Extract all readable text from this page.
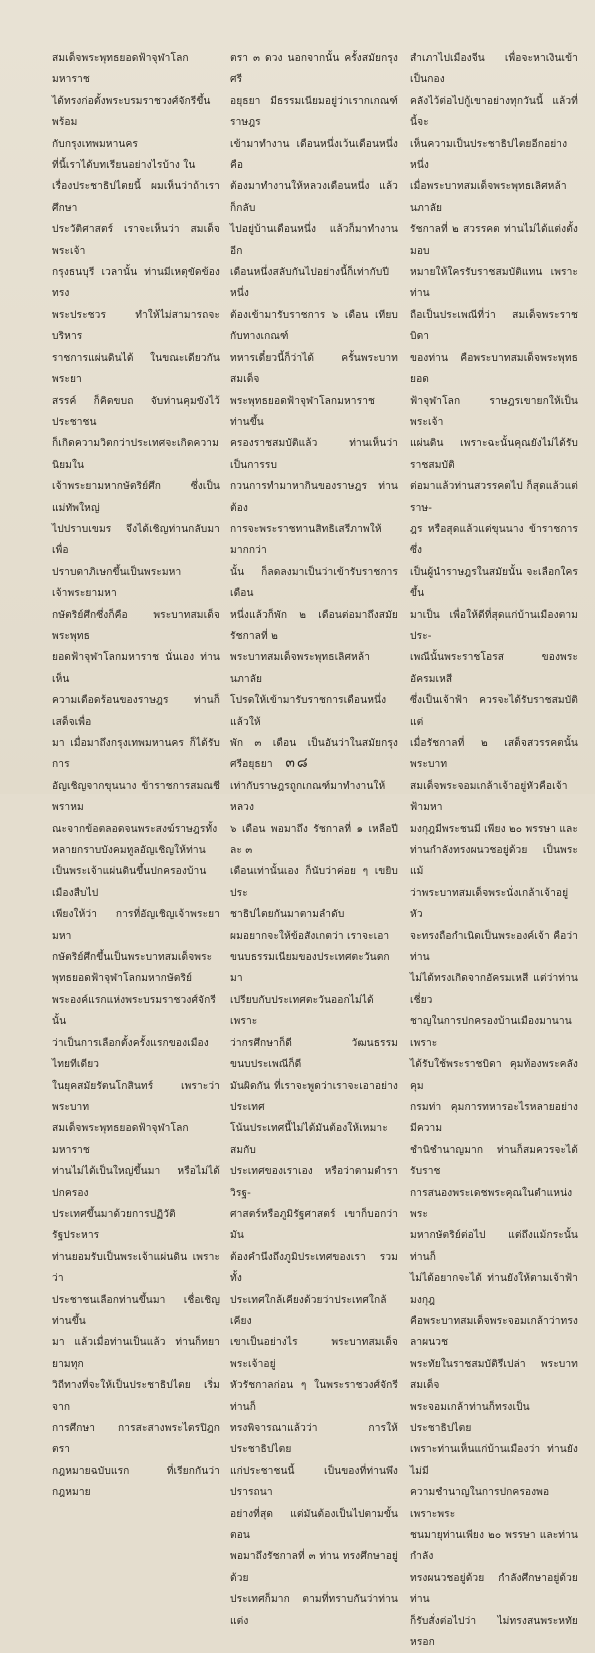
สมเด็จพระพุทธยอดฟ้าจุฬาโลกมหาราช
ได้ทรงก่อตั้งพระบรมราชวงศ์จักรีขึ้นพร้อม
กับกรุงเทพมหานคร
ที่นี้เราได้บทเรียนอย่างไรบ้าง ใน
เรื่องประชาธิปไตยนี้ ผมเห็นว่าถ้าเราศึกษา
ประวัติศาสตร์ เราจะเห็นว่า สมเด็จพระเจ้า
กรุงธนบุรี เวลานั้น ท่านมีเหตุขัดข้องทรง
พระประชวร ทำให้ไม่สามารถจะบริหาร
ราชการแผ่นดินได้ ในขณะเดียวกันพระยา
สรรค์ ก็คิดขบถ จับท่านคุมขังไว้ ประชาชน
ก็เกิดความวิตกว่าประเทศจะเกิดความนิยมใน
เจ้าพระยามหากษัตริย์ศึก ซึ่งเป็นแม่ทัพใหญ่
ไปปราบเขมร จึงได้เชิญท่านกลับมาเพื่อ
ปราบดาภิเษกขึ้นเป็นพระมหา เจ้าพระยามหา
กษัตริย์ศึกซึ่งก็คือ พระบาทสมเด็จพระพุทธ
ยอดฟ้าจุฬาโลกมหาราช นั่นเอง ท่านเห็น
ความเดือดร้อนของราษฎร ท่านก็เสด็จเพื่อ
มา เมื่อมาถึงกรุงเทพมหานคร ก็ได้รับการ
อัญเชิญจากขุนนาง ข้าราชการสมณชีพราหม
ณะจากข้อตลอดจนพระสงฆ์ราษฎรทั้งหลายกราบบังคมทูลอัญเชิญให้ท่านเป็นพระเจ้าแผ่นดินขึ้นปกครองบ้านเมืองสืบไป
เพียงให้ว่า การที่อัญเชิญเจ้าพระยามหา
กษัตริย์ศึกขึ้นเป็นพระบาทสมเด็จพระ
พุทธยอดฟ้าจุฬาโลกมหากษัตริย์
พระองค์แรกแห่งพระบรมราชวงศ์จักรีนั้น
ว่าเป็นการเลือกตั้งครั้งแรกของเมือง
ไทยทีเดียว
ในยุคสมัยรัตนโกสินทร์ เพราะว่าพระบาท
สมเด็จพระพุทธยอดฟ้าจุฬาโลกมหาราช
ท่านไม่ได้เป็นใหญ่ขึ้นมา หรือไม่ได้ปกครอง
ประเทศขึ้นมาด้วยการปฏิวัติรัฐประหาร
ท่านยอมรับเป็นพระเจ้าแผ่นดิน เพราะว่า
ประชาชนเลือกท่านขึ้นมา เชื่อเชิญท่านขึ้น
มา แล้วเมื่อท่านเป็นแล้ว ท่านก็ทยายามทุก
วิถีทางที่จะให้เป็นประชาธิปไตย เริ่มจาก
การศึกษา การสะสางพระไตรปิฎก ตรา
กฎหมายฉบับแรก ที่เรียกกันว่า กฎหมาย

ตรา ๓ ดวง นอกจากนั้น ครั้งสมัยกรุงศรี
อยุธยา มีธรรมเนียมอยู่ว่าเรากเกณฑ์ราษฎร
เข้ามาทำงาน เดือนหนึ่งเว้นเดือนหนึ่ง คือ
ต้องมาทำงานให้หลวงเดือนหนึ่ง แล้วก็กลับ
ไปอยู่บ้านเดือนหนึ่ง แล้วก็มาทำงาน อีก
เดือนหนึ่งสลับกันไปอย่างนี้ก็เท่ากับปีหนึ่ง
ต้องเข้ามารับราชการ ๖ เดือน เทียบกับทางเกณฑ์
ทหารเดี๋ยวนี้ก็ว่าได้ ครั้นพระบาทสมเด็จ
พระพุทธยอดฟ้าจุฬาโลกมหาราช ท่านขึ้น
ครองราชสมบัติแล้ว ท่านเห็นว่าเป็นการรบ
กวนการทำมาหากินของราษฎร ท่านต้อง
การจะพระราชทานสิทธิเสรีภาพให้มากกว่า
นั้น ก็ลดลงมาเป็นว่าเข้ารับราชการเดือน
หนึ่งแล้วก็พัก ๒ เดือนต่อมาถึงสมัยรัชกาลที่ ๒
พระบาทสมเด็จพระพุทธเลิศหล้านภาลัย
โปรดให้เข้ามารับราชการเดือนหนึ่ง แล้วให้
พัก ๓ เดือน เป็นอันว่าในสมัยกรุงศรีอยุธยา
เท่ากับราษฎรถูกเกณฑ์มาทำงานให้หลวง
๖ เดือน พอมาถึง รัชกาลที่ ๑ เหลือปีละ ๓
เดือนเท่านั้นเอง ก็นับว่าค่อย ๆ เขยิบประ
ชาธิปไตยกันมาตามลำดับ
ผมอยากจะให้ข้อสังเกตว่า เราจะเอา
ขนบธรรมเนียมของประเทศตะวันตก มา
เปรียบกับประเทศตะวันออกไม่ได้ เพราะ
ว่ากรศึกษาก็ดี วัฒนธรรมขนบประเพณีก็ดี
มันผิดกัน ที่เราจะพูดว่าเราจะเอาอย่างประเทศ
โน้นประเทศนี้ไม่ได้มันต้องให้เหมาะสมกับ
ประเทศของเราเอง หรือว่าตามตำราวิรฐ-
ศาสตร์หรือภูมิรัฐศาสตร์ เขาก็บอกว่ามัน
ต้องคำนึงถึงภูมิประเทศของเรา รวมทั้ง
ประเทศใกล้เคียงด้วยว่าประเทศใกล้เคียง
เขาเป็นอย่างไร พระบาทสมเด็จพระเจ้าอยู่
หัวรัชกาลก่อน ๆ ในพระราชวงศ์จักรีท่านก็
ทรงพิจารณาแล้วว่า การให้ประชาธิปไตย
แก่ประชาชนนี้ เป็นของที่ท่านพึงปรารถนา
อย่างที่สุด แต่มันต้องเป็นไปตามขั้นตอน
พอมาถึงรัชกาลที่ ๓ ท่าน ทรงศึกษาอยู่ด้วย
ประเทศก็มาก ตามที่ทราบกันว่าท่านแต่ง

สำเภาไปเมืองจีน เพื่อจะหาเงินเข้าเป็นกอง
คลังไว้ต่อไปกู้เขาอย่างทุกวันนี้ แล้วที่นี้จะ
เห็นความเป็นประชาธิปไตยอีกอย่างหนึ่ง
เมื่อพระบาทสมเด็จพระพุทธเลิศหล้านภาลัย
รัชกาลที่ ๒ สวรรคต ท่านไม่ได้แต่งตั้งมอบ
หมายให้ใครรับราชสมบัติแทน เพราะท่าน
ถือเป็นประเพณีที่ว่า สมเด็จพระราชบิดา
ของท่าน คือพระบาทสมเด็จพระพุทธยอด
ฟ้าจุฬาโลก ราษฎรเขายกให้เป็นพระเจ้า
แผ่นดิน เพราะฉะนั้นคุณยังไม่ได้รับราชสมบัติ
ต่อมาแล้วท่านสวรรคตไป ก็สุดแล้วแต่ราษ-
ฎร หรือสุดแล้วแต่ขุนนาง ข้าราชการ ซึ่ง
เป็นผู้นำราษฎรในสมัยนั้น จะเลือกใครขึ้น
มาเป็น เพื่อให้ดีที่สุดแก่บ้านเมืองตามประ-
เพณีนั้นพระราชโอรส ของพระอัครมเหสี
ซึ่งเป็นเจ้าฟ้า ควรจะได้รับราชสมบัติ แต่
เมื่อรัชกาลที่ ๒ เสด็จสวรรคตนั้นพระบาท
สมเด็จพระจอมเกล้าเจ้าอยู่หัวคือเจ้าฟ้ามหา
มงกุฎมีพระชนมี เพียง ๒๐ พรรษา และ
ท่านกำลังทรงผนวชอยู่ด้วย เป็นพระ แม้
ว่าพระบาทสมเด็จพระนั่งเกล้าเจ้าอยู่หัว
จะทรงถือกำเนิดเป็นพระองค์เจ้า คือว่าท่าน
ไม่ได้ทรงเกิดจากอัครมเหสี แต่ว่าท่านเชี่ยว
ชาญในการปกครองบ้านเมืองมานาน เพราะ
ได้รับใช้พระราชบิดา คุมท้องพระคลัง คุม
กรมท่า คุมการทหารอะไรหลายอย่าง มีความ
ชำนิชำนาญมาก ท่านก็สมควรจะได้รับราช
การสนองพระเดชพระคุณในตำแหน่งพระ
มหากษัตริย์ต่อไป แต่ถึงแม้กระนั้น ท่านก็
ไม่ได้อยากจะได้ ท่านยังให้ตามเจ้าฟ้ามงกุฎ
คือพระบาทสมเด็จพระจอมเกล้าว่าทรงลาผนวช
พระทัยในราชสมบัติรึเปล่า พระบาทสมเด็จ
พระจอมเกล้าท่านก็ทรงเป็นประชาธิปไตย
เพราะท่านเห็นแก่บ้านเมืองว่า ท่านยังไม่มี
ความชำนาญในการปกครองพอ เพราะพระ
ชนมายุท่านเพียง ๒๐ พรรษา และท่านกำลัง
ทรงผนวชอยู่ด้วย กำลังศึกษาอยู่ด้วย ท่าน
ก็รับสั่งต่อไปว่า ไม่ทรงสนพระหทัยหรอก

๓๘
